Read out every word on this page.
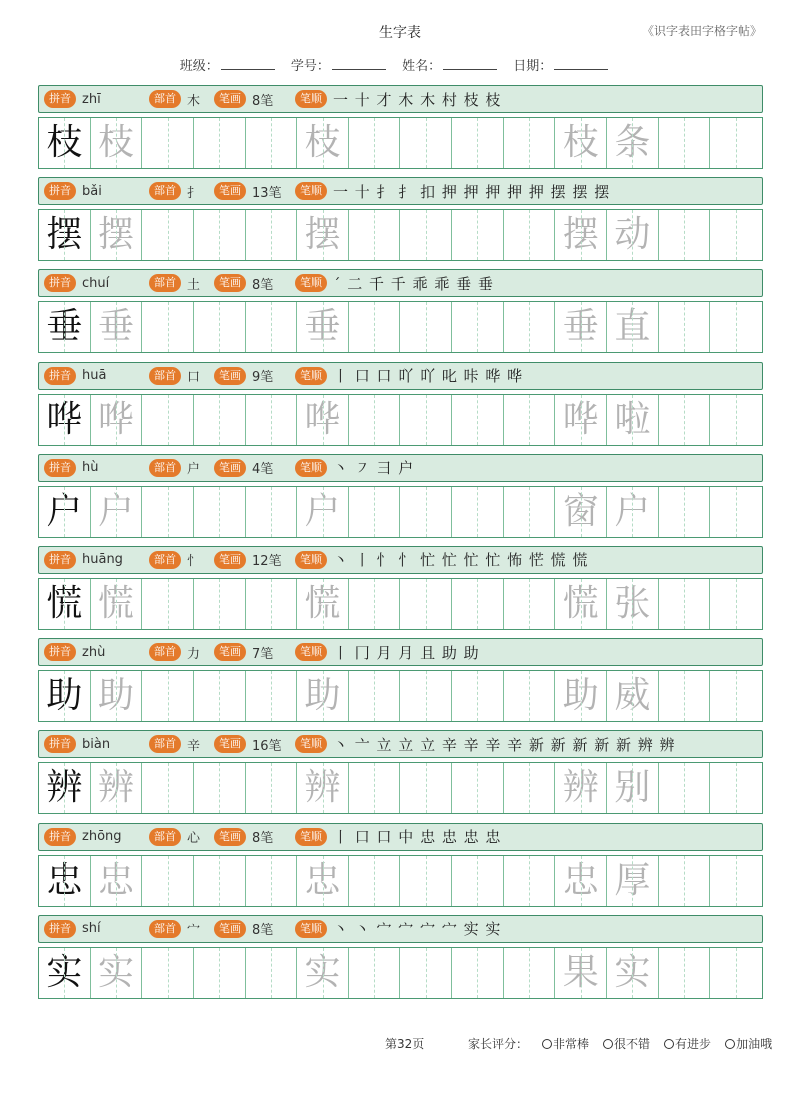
生字表	《识字表田字格字帖》
班级：	学号：	姓名：	日期：
拼音 zhī	部首 木	笔画 8笔	笔顺 一 十 才 木 木 村 枝 枝
枝 枝	枝	枝 条
拼音 bǎi	部首 扌	笔画 13笔	笔顺 一 十 扌 扌 扣 押 押 押 押 押 摆 摆 摆
摆 摆	摆	摆 动
拼音 chuí	部首 土	笔画 8笔	笔顺 ˊ 二 千 千 乖 乖 垂 垂
垂 垂	垂	垂 直
拼音 huā	部首 口	笔画 9笔	笔顺 丨 口 口 吖 吖 叱 咔 哗 哗
哗 哗	哗	哗 啦
拼音 hù	部首 户	笔画 4笔	笔顺 丶 ㇇ 彐 户
户 户	户	窗 户
拼音 huāng	部首 忄	笔画 12笔	笔顺 丶 丨 忄 忄 忙 忙 忙 忙 怖 恾 慌 慌
慌 慌	慌	慌 张
拼音 zhù	部首 力	笔画 7笔	笔顺 丨 冂 月 月 且 助 助
助 助	助	助 威
拼音 biàn	部首 辛	笔画 16笔	笔顺 丶 亠 立 立 立 辛 辛 辛 辛 新 新 新 新 新 辨 辨
辨 辨	辨	辨 别
拼音 zhōng	部首 心	笔画 8笔	笔顺 丨 口 口 中 忠 忠 忠 忠
忠 忠	忠	忠 厚
拼音 shí	部首 宀	笔画 8笔	笔顺 丶 丶 宀 宀 宀 宀 实 实
实 实	实	果 实
第32页	家长评分：	非常棒	很不错	有进步	加油哦
